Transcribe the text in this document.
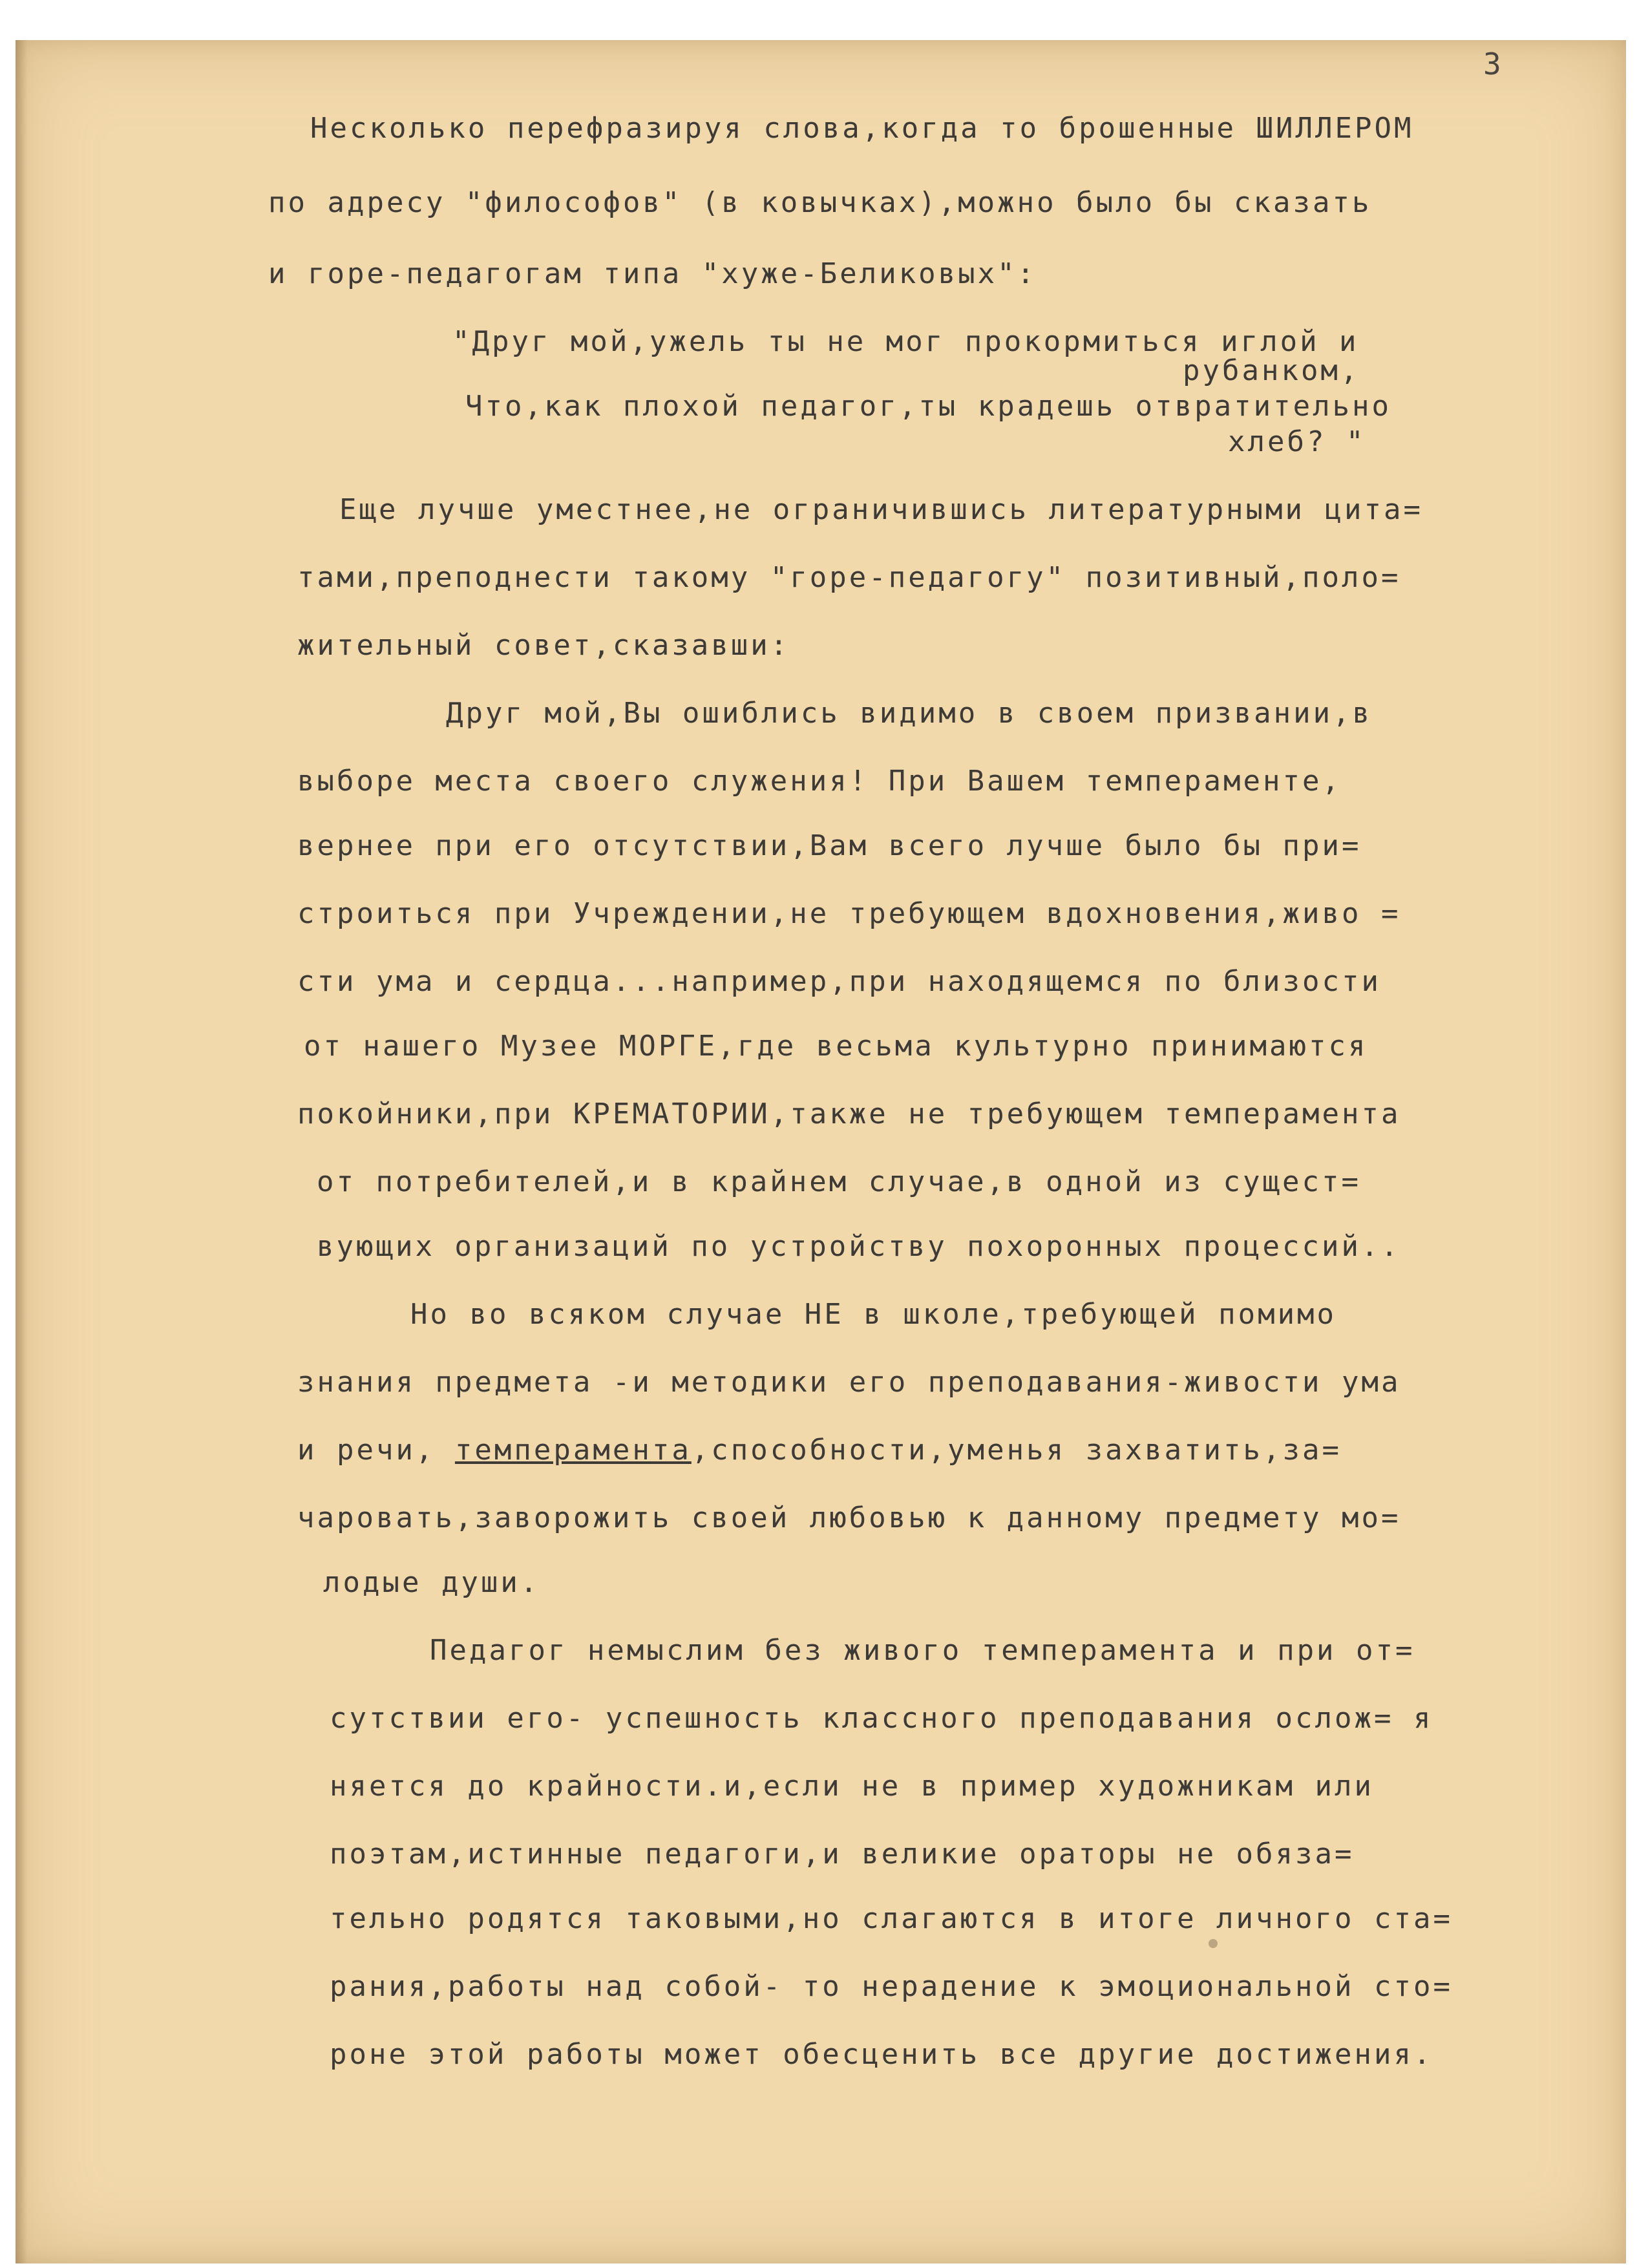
3
Несколько перефразируя слова,когда то брошенные ШИЛЛЕРОМ
по адресу "философов" (в ковычках),можно было бы сказать
и горе-педагогам типа "хуже-Беликовых":
"Друг мой,ужель ты не мог прокормиться иглой и
рубанком,
Что,как плохой педагог,ты крадешь отвратительно
хлеб? "
Еще лучше уместнее,не ограничившись литературными цита=
тами,преподнести такому "горе-педагогу" позитивный,поло=
жительный совет,сказавши:
Друг мой,Вы ошиблись видимо в своем призвании,в
выборе места своего служения! При Вашем темпераменте,
вернее при его отсутствии,Вам всего лучше было бы при=
строиться при Учреждении,не требующем вдохновения,живо =
сти ума и сердца...например,при находящемся по близости
от нашего Музее МОРГЕ,где весьма культурно принимаются
покойники,при КРЕМАТОРИИ,также не требующем темперамента
от потребителей,и в крайнем случае,в одной из сущест=
вующих организаций по устройству похоронных процессий..
Но во всяком случае НЕ в школе,требующей помимо
знания предмета -и методики его преподавания-живости ума
и речи, темперамента,способности,уменья захватить,за=
чаровать,заворожить своей любовью к данному предмету мо=
лодые души.
Педагог немыслим без живого темперамента и при от=
сутствии его- успешность классного преподавания ослож= я
няется до крайности.и,если не в пример художникам или
поэтам,истинные педагоги,и великие ораторы не обяза=
тельно родятся таковыми,но слагаются в итоге личного ста=
рания,работы над собой- то нерадение к эмоциональной сто=
роне этой работы может обесценить все другие достижения.
